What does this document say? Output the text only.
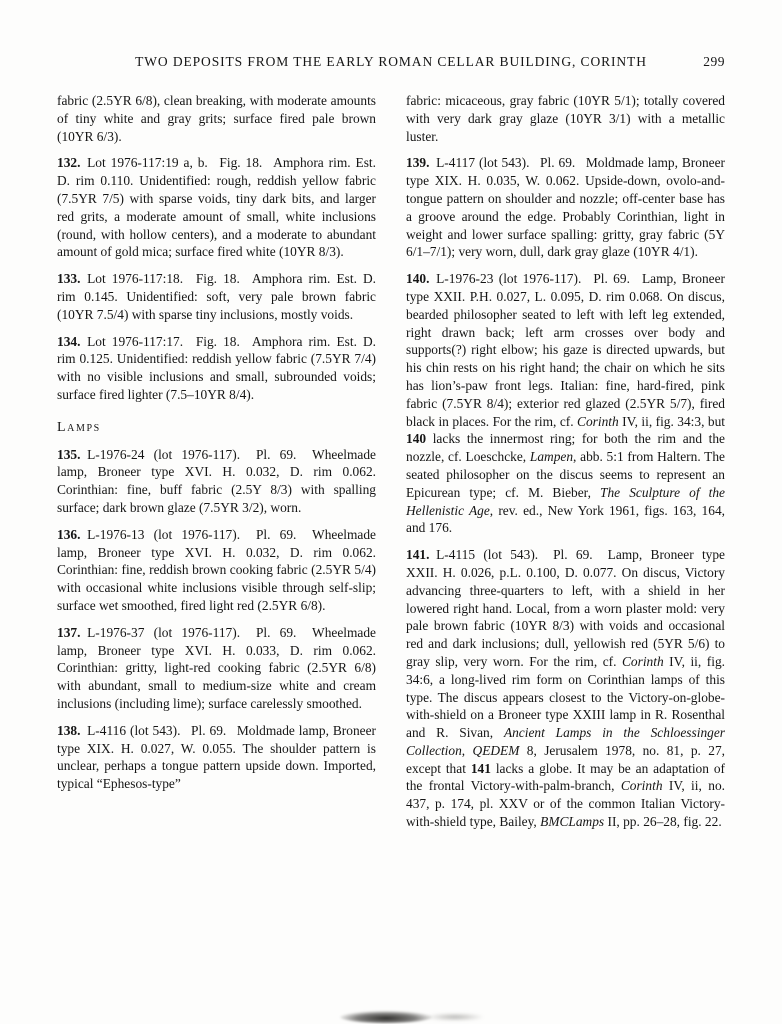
TWO DEPOSITS FROM THE EARLY ROMAN CELLAR BUILDING, CORINTH	299

fabric (2.5YR 6/8), clean breaking, with moderate amounts of tiny white and gray grits; surface fired pale brown (10YR 6/3).

132. Lot 1976-117:19 a, b.  Fig. 18.  Amphora rim. Est. D. rim 0.110. Unidentified: rough, reddish yellow fabric (7.5YR 7/5) with sparse voids, tiny dark bits, and larger red grits, a moderate amount of small, white inclusions (round, with hollow centers), and a moderate to abundant amount of gold mica; surface fired white (10YR 8/3).

133. Lot 1976-117:18.  Fig. 18.  Amphora rim. Est. D. rim 0.145. Unidentified: soft, very pale brown fabric (10YR 7.5/4) with sparse tiny inclusions, mostly voids.

134. Lot 1976-117:17.  Fig. 18.  Amphora rim. Est. D. rim 0.125. Unidentified: reddish yellow fabric (7.5YR 7/4) with no visible inclusions and small, subrounded voids; surface fired lighter (7.5–10YR 8/4).

Lamps

135. L-1976-24 (lot 1976-117).  Pl. 69.  Wheelmade lamp, Broneer type XVI. H. 0.032, D. rim 0.062. Corinthian: fine, buff fabric (2.5Y 8/3) with spalling surface; dark brown glaze (7.5YR 3/2), worn.

136. L-1976-13 (lot 1976-117).  Pl. 69.  Wheelmade lamp, Broneer type XVI. H. 0.032, D. rim 0.062. Corinthian: fine, reddish brown cooking fabric (2.5YR 5/4) with occasional white inclusions visible through self-slip; surface wet smoothed, fired light red (2.5YR 6/8).

137. L-1976-37 (lot 1976-117).  Pl. 69.  Wheelmade lamp, Broneer type XVI. H. 0.033, D. rim 0.062. Corinthian: gritty, light-red cooking fabric (2.5YR 6/8) with abundant, small to medium-size white and cream inclusions (including lime); surface carelessly smoothed.

138. L-4116 (lot 543).  Pl. 69.  Moldmade lamp, Broneer type XIX. H. 0.027, W. 0.055. The shoulder pattern is unclear, perhaps a tongue pattern upside down. Imported, typical “Ephesos-type”

fabric: micaceous, gray fabric (10YR 5/1); totally covered with very dark gray glaze (10YR 3/1) with a metallic luster.

139. L-4117 (lot 543).  Pl. 69.  Moldmade lamp, Broneer type XIX. H. 0.035, W. 0.062. Upside-down, ovolo-and-tongue pattern on shoulder and nozzle; off-center base has a groove around the edge. Probably Corinthian, light in weight and lower surface spalling: gritty, gray fabric (5Y 6/1–7/1); very worn, dull, dark gray glaze (10YR 4/1).

140. L-1976-23 (lot 1976-117).  Pl. 69.  Lamp, Broneer type XXII. P.H. 0.027, L. 0.095, D. rim 0.068. On discus, bearded philosopher seated to left with left leg extended, right drawn back; left arm crosses over body and supports(?) right elbow; his gaze is directed upwards, but his chin rests on his right hand; the chair on which he sits has lion’s-paw front legs. Italian: fine, hard-fired, pink fabric (7.5YR 8/4); exterior red glazed (2.5YR 5/7), fired black in places. For the rim, cf. Corinth IV, ii, fig. 34:3, but 140 lacks the innermost ring; for both the rim and the nozzle, cf. Loeschcke, Lampen, abb. 5:1 from Haltern. The seated philosopher on the discus seems to represent an Epicurean type; cf. M. Bieber, The Sculpture of the Hellenistic Age, rev. ed., New York 1961, figs. 163, 164, and 176.

141. L-4115 (lot 543).  Pl. 69.  Lamp, Broneer type XXII. H. 0.026, p.L. 0.100, D. 0.077. On discus, Victory advancing three-quarters to left, with a shield in her lowered right hand. Local, from a worn plaster mold: very pale brown fabric (10YR 8/3) with voids and occasional red and dark inclusions; dull, yellowish red (5YR 5/6) to gray slip, very worn. For the rim, cf. Corinth IV, ii, fig. 34:6, a long-lived rim form on Corinthian lamps of this type. The discus appears closest to the Victory-on-globe-with-shield on a Broneer type XXIII lamp in R. Rosenthal and R. Sivan, Ancient Lamps in the Schloessinger Collection, QEDEM 8, Jerusalem 1978, no. 81, p. 27, except that 141 lacks a globe. It may be an adaptation of the frontal Victory-with-palm-branch, Corinth IV, ii, no. 437, p. 174, pl. XXV or of the common Italian Victory-with-shield type, Bailey, BMCLamps II, pp. 26–28, fig. 22.
